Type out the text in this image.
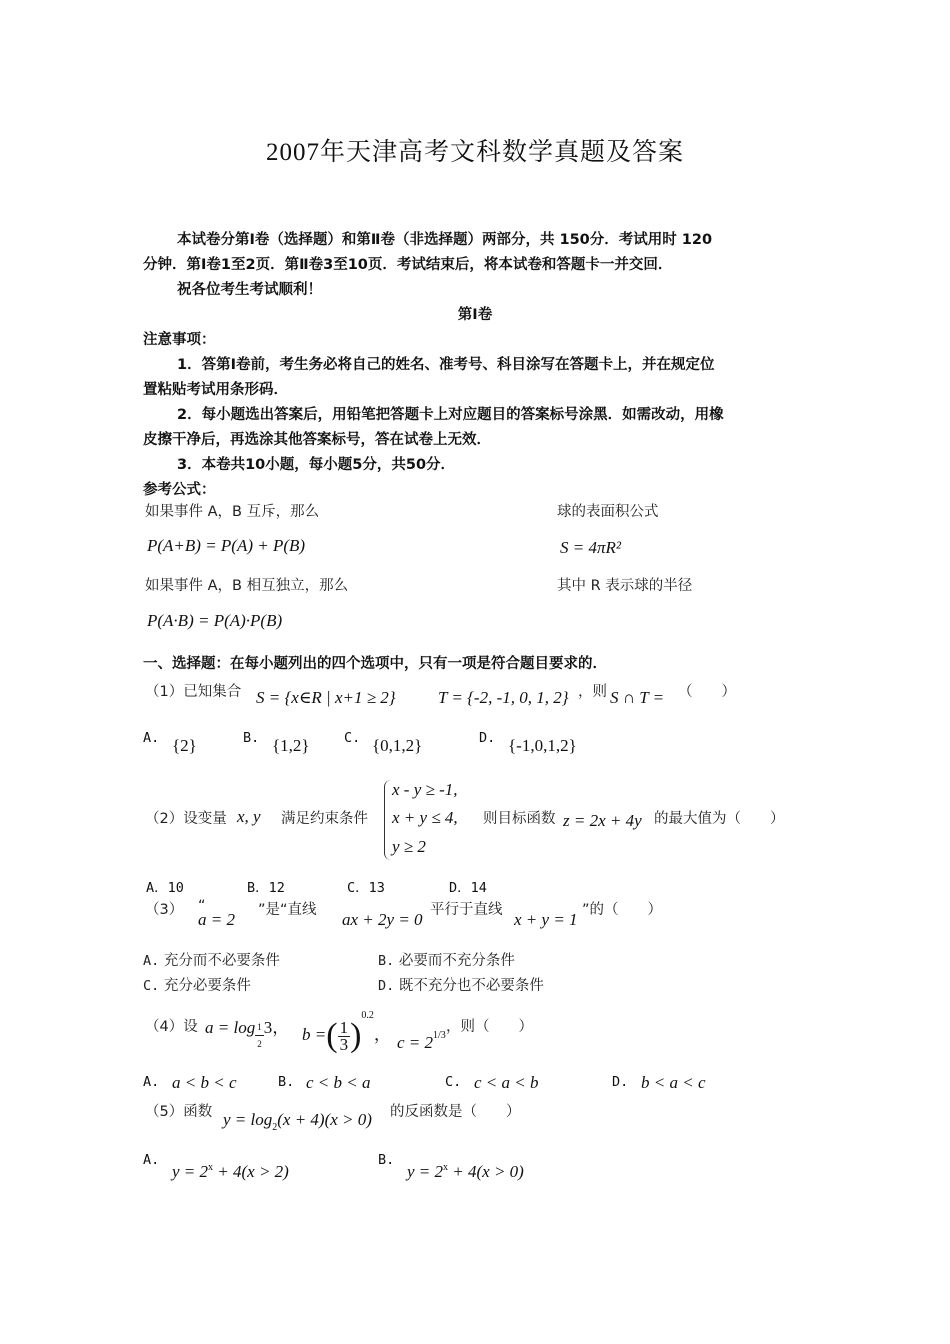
2007年天津高考文科数学真题及答案
本试卷分第Ⅰ卷（选择题）和第Ⅱ卷（非选择题）两部分，共 150分．考试用时 120
分钟．第Ⅰ卷1至2页．第Ⅱ卷3至10页．考试结束后，将本试卷和答题卡一并交回．
祝各位考生考试顺利！
第Ⅰ卷
注意事项：
1．答第Ⅰ卷前，考生务必将自己的姓名、准考号、科目涂写在答题卡上，并在规定位
置粘贴考试用条形码．
2．每小题选出答案后，用铅笔把答题卡上对应题目的答案标号涂黑．如需改动，用橡
皮擦干净后，再选涂其他答案标号，答在试卷上无效．
3．本卷共10小题，每小题5分，共50分．
参考公式：
如果事件 A，B 互斥，那么
P(A+B) = P(A) + P(B)
如果事件 A，B 相互独立，那么
P(A·B) = P(A)·P(B)
球的表面积公式
S = 4πR²
其中 R 表示球的半径
一、选择题：在每小题列出的四个选项中，只有一项是符合题目要求的．
（1）已知集合 S = {x∈R | x+1 ≥ 2} T = {-2, -1, 0, 1, 2} ，则 S ∩ T = （　　）
A. {2}	B. {1,2}	C. {0,1,2}	D. {-1,0,1,2}
（2）设变量 x, y 满足约束条件
x - y ≥ -1,
x + y ≤ 4,
y ≥ 2
则目标函数 z = 2x + 4y 的最大值为（　　）
A．10	B．12	C．13	D．14
（3） “
a = 2 ”是“直线 ax + 2y = 0 平行于直线 x + y = 1 ”的（　　）
A. 充分而不必要条件	B. 必要而不充分条件
C. 充分必要条件	D. 既不充分也不必要条件
（4）设 $a = \log \frac{1}{2} 3$， b =( $\frac{1}{3} )^{0.2}$， $c = 2^{1/3}$
，则（　　）
A. a < b < c	B. c < b < a	C. c < a < b	D. b < a < c
（5）函数 $y = \log_2(x + 4)(x > 0)$ 的反函数是（　　）
A.
$y = 2^x + 4(x > 2)$
B.
$y = 2^x + 4(x > 0)$
